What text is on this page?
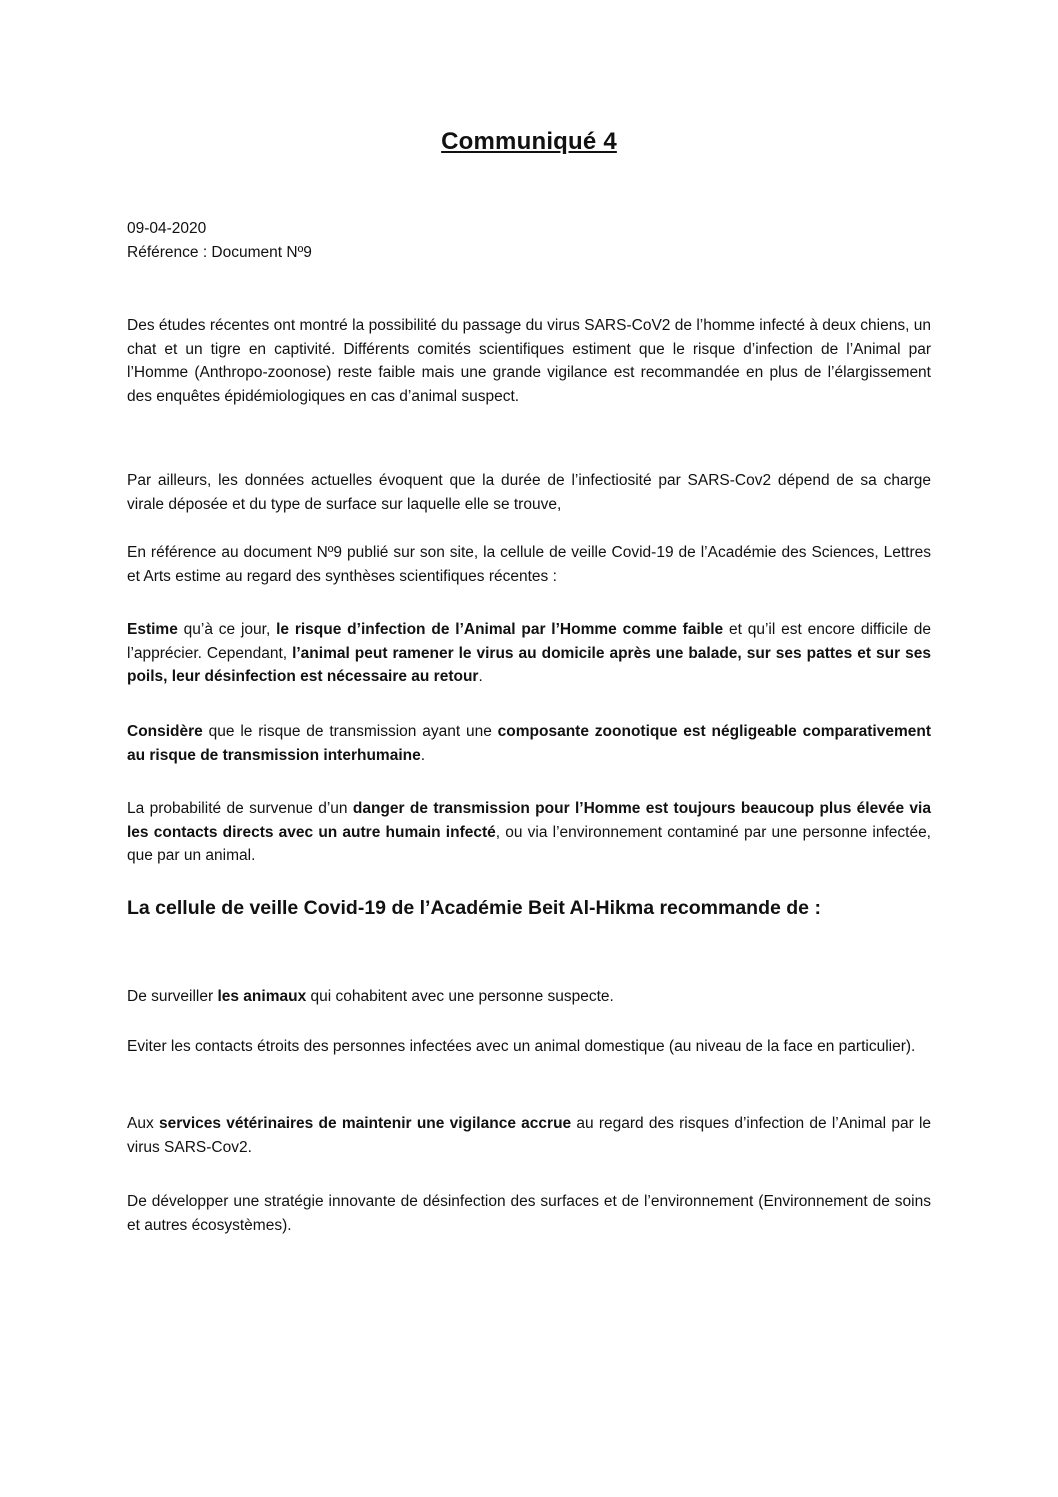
Communiqué 4
09-04-2020
Référence : Document Nº9
Des études récentes ont montré la possibilité du passage du virus SARS-CoV2 de l’homme infecté à deux chiens, un chat et un tigre en captivité. Différents comités scientifiques estiment que le risque d’infection de l’Animal par l’Homme (Anthropo-zoonose) reste faible mais une grande vigilance est recommandée en plus de l’élargissement des enquêtes épidémiologiques en cas d’animal suspect.
Par ailleurs, les données actuelles évoquent que la durée de l’infectiosité par SARS-Cov2 dépend de sa charge virale déposée et du type de surface sur laquelle elle se trouve,
En référence au document Nº9 publié sur son site, la cellule de veille Covid-19 de l’Académie des Sciences, Lettres et Arts estime au regard des synthèses scientifiques récentes :
Estime qu’à ce jour, le risque d’infection de l’Animal par l’Homme comme faible et qu’il est encore difficile de l’apprécier. Cependant, l’animal peut ramener le virus au domicile après une balade, sur ses pattes et sur ses poils, leur désinfection est nécessaire au retour.
Considère que le risque de transmission ayant une composante zoonotique est négligeable comparativement au risque de transmission interhumaine.
La probabilité de survenue d’un danger de transmission pour l’Homme est toujours beaucoup plus élevée via les contacts directs avec un autre humain infecté, ou via l’environnement contaminé par une personne infectée, que par un animal.
La cellule de veille Covid-19 de l’Académie Beit Al-Hikma recommande de :
De surveiller les animaux qui cohabitent avec une personne suspecte.
Eviter les contacts étroits des personnes infectées avec un animal domestique (au niveau de la face en particulier).
Aux services vétérinaires de maintenir une vigilance accrue au regard des risques d’infection de l’Animal par le virus SARS-Cov2.
De développer une stratégie innovante de désinfection des surfaces et de l’environnement (Environnement de soins et autres écosystèmes).
